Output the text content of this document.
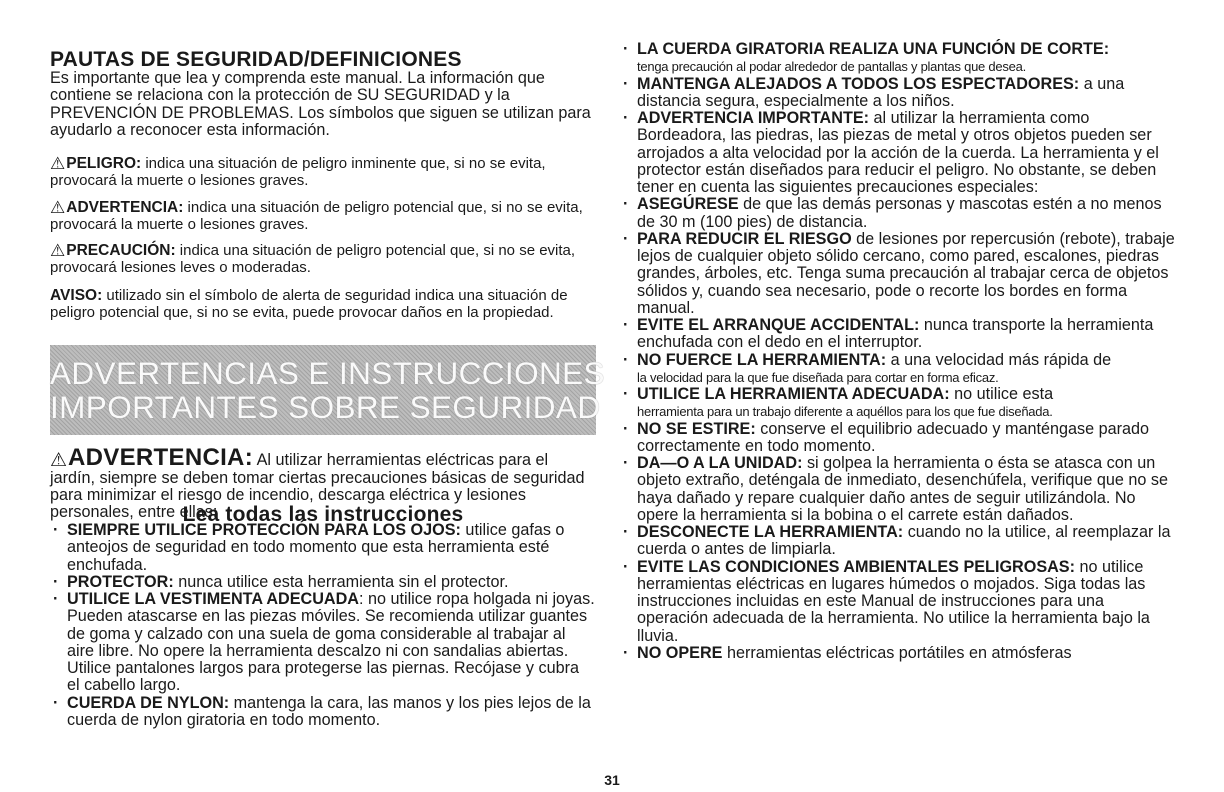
PAUTAS DE SEGURIDAD/DEFINICIONES

Es importante que lea y comprenda este manual. La información que contiene se relaciona con la protección de SU SEGURIDAD y la PREVENCIÓN DE PROBLEMAS. Los símbolos que siguen se utilizan para ayudarlo a reconocer esta información.

⚠PELIGRO: indica una situación de peligro inminente que, si no se evita, provocará la muerte o lesiones graves.

⚠ADVERTENCIA: indica una situación de peligro potencial que, si no se evita, provocará la muerte o lesiones graves.

⚠PRECAUCIÓN: indica una situación de peligro potencial que, si no se evita, provocará lesiones leves o moderadas.

AVISO: utilizado sin el símbolo de alerta de seguridad indica una situación de peligro potencial que, si no se evita, puede provocar daños en la propiedad.

ADVERTENCIAS E INSTRUCCIONES
IMPORTANTES SOBRE SEGURIDAD

⚠ADVERTENCIA: Al utilizar herramientas eléctricas para el jardín, siempre se deben tomar ciertas precauciones básicas de seguridad para minimizar el riesgo de incendio, descarga eléctrica y lesiones personales, entre ellas:

Lea todas las instrucciones
· SIEMPRE UTILICE PROTECCIÓN PARA LOS OJOS: utilice gafas o anteojos de seguridad en todo momento que esta herramienta esté enchufada.
· PROTECTOR: nunca utilice esta herramienta sin el protector.
· UTILICE LA VESTIMENTA ADECUADA: no utilice ropa holgada ni joyas. Pueden atascarse en las piezas móviles. Se recomienda utilizar guantes de goma y calzado con una suela de goma considerable al trabajar al aire libre. No opere la herramienta descalzo ni con sandalias abiertas. Utilice pantalones largos para protegerse las piernas. Recójase y cubra el cabello largo.
· CUERDA DE NYLON: mantenga la cara, las manos y los pies lejos de la cuerda de nylon giratoria en todo momento.
· LA CUERDA GIRATORIA REALIZA UNA FUNCIÓN DE CORTE:
tenga precaución al podar alrededor de pantallas y plantas que desea.
· MANTENGA ALEJADOS A TODOS LOS ESPECTADORES: a una distancia segura, especialmente a los niños.
· ADVERTENCIA IMPORTANTE: al utilizar la herramienta como Bordeadora, las piedras, las piezas de metal y otros objetos pueden ser arrojados a alta velocidad por la acción de la cuerda. La herramienta y el protector están diseñados para reducir el peligro. No obstante, se deben tener en cuenta las siguientes precauciones especiales:
· ASEGÚRESE de que las demás personas y mascotas estén a no menos de 30 m (100 pies) de distancia.
· PARA REDUCIR EL RIESGO de lesiones por repercusión (rebote), trabaje lejos de cualquier objeto sólido cercano, como pared, escalones, piedras grandes, árboles, etc. Tenga suma precaución al trabajar cerca de objetos sólidos y, cuando sea necesario, pode o recorte los bordes en forma manual.
· EVITE EL ARRANQUE ACCIDENTAL: nunca transporte la herramienta enchufada con el dedo en el interruptor.
· NO FUERCE LA HERRAMIENTA: a una velocidad más rápida de
la velocidad para la que fue diseñada para cortar en forma eficaz.
· UTILICE LA HERRAMIENTA ADECUADA: no utilice esta
herramienta para un trabajo diferente a aquéllos para los que fue diseñada.
· NO SE ESTIRE: conserve el equilibrio adecuado y manténgase parado correctamente en todo momento.
· DA—O A LA UNIDAD: si golpea la herramienta o ésta se atasca con un objeto extraño, deténgala de inmediato, desenchúfela, verifique que no se haya dañado y repare cualquier daño antes de seguir utilizándola. No opere la herramienta si la bobina o el carrete están dañados.
· DESCONECTE LA HERRAMIENTA: cuando no la utilice, al reemplazar la cuerda o antes de limpiarla.
· EVITE LAS CONDICIONES AMBIENTALES PELIGROSAS: no utilice herramientas eléctricas en lugares húmedos o mojados. Siga todas las instrucciones incluidas en este Manual de instrucciones para una operación adecuada de la herramienta. No utilice la herramienta bajo la lluvia.
· NO OPERE herramientas eléctricas portátiles en atmósferas
31
